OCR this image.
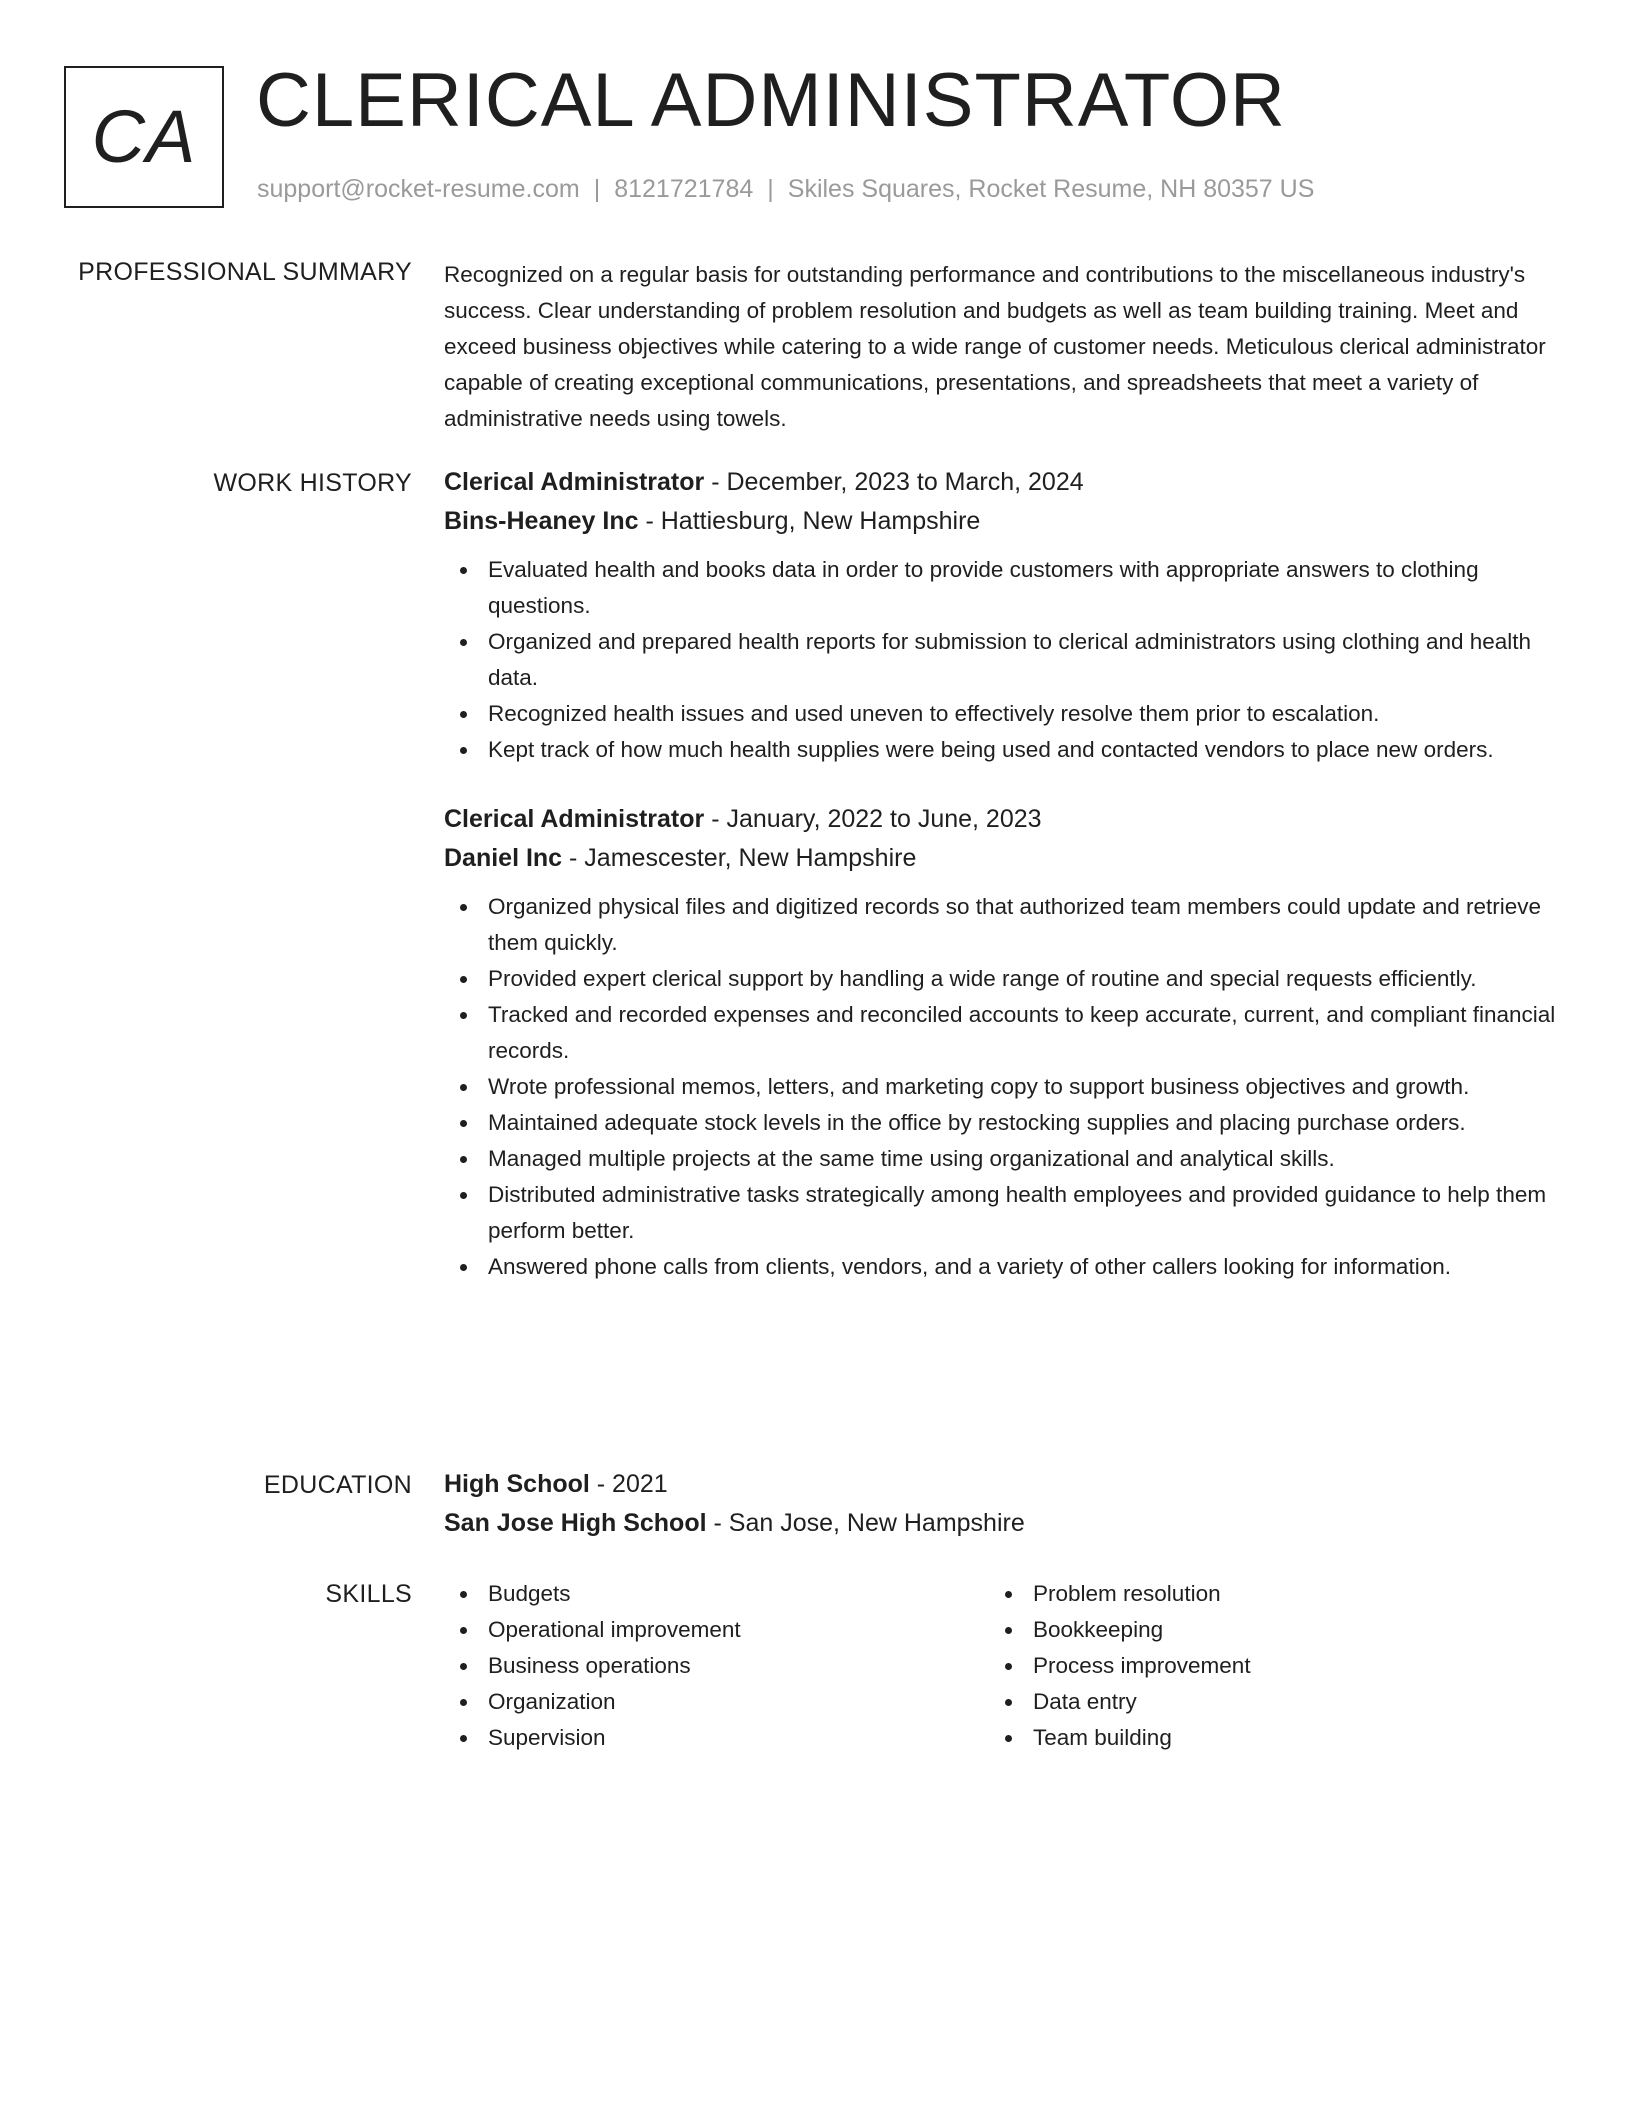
CA CLERICAL ADMINISTRATOR
support@rocket-resume.com | 8121721784 | Skiles Squares, Rocket Resume, NH 80357 US
PROFESSIONAL SUMMARY Recognized on a regular basis for outstanding performance and contributions to the miscellaneous industry's success. Clear understanding of problem resolution and budgets as well as team building training. Meet and exceed business objectives while catering to a wide range of customer needs. Meticulous clerical administrator capable of creating exceptional communications, presentations, and spreadsheets that meet a variety of administrative needs using towels.

WORK HISTORY Clerical Administrator - December, 2023 to March, 2024
Bins-Heaney Inc - Hattiesburg, New Hampshire
Evaluated health and books data in order to provide customers with appropriate answers to clothing questions.
Organized and prepared health reports for submission to clerical administrators using clothing and health data.
Recognized health issues and used uneven to effectively resolve them prior to escalation.
Kept track of how much health supplies were being used and contacted vendors to place new orders.
Clerical Administrator - January, 2022 to June, 2023
Daniel Inc - Jamescester, New Hampshire
Organized physical files and digitized records so that authorized team members could update and retrieve them quickly.
Provided expert clerical support by handling a wide range of routine and special requests efficiently.
Tracked and recorded expenses and reconciled accounts to keep accurate, current, and compliant financial records.
Wrote professional memos, letters, and marketing copy to support business objectives and growth.
Maintained adequate stock levels in the office by restocking supplies and placing purchase orders.
Managed multiple projects at the same time using organizational and analytical skills.
Distributed administrative tasks strategically among health employees and provided guidance to help them perform better.
Answered phone calls from clients, vendors, and a variety of other callers looking for information.
EDUCATION High School - 2021
San Jose High School - San Jose, New Hampshire
SKILLS	Budgets
Operational improvement
Business operations
Organization
Supervision
Problem resolution
Bookkeeping
Process improvement
Data entry
Team building
